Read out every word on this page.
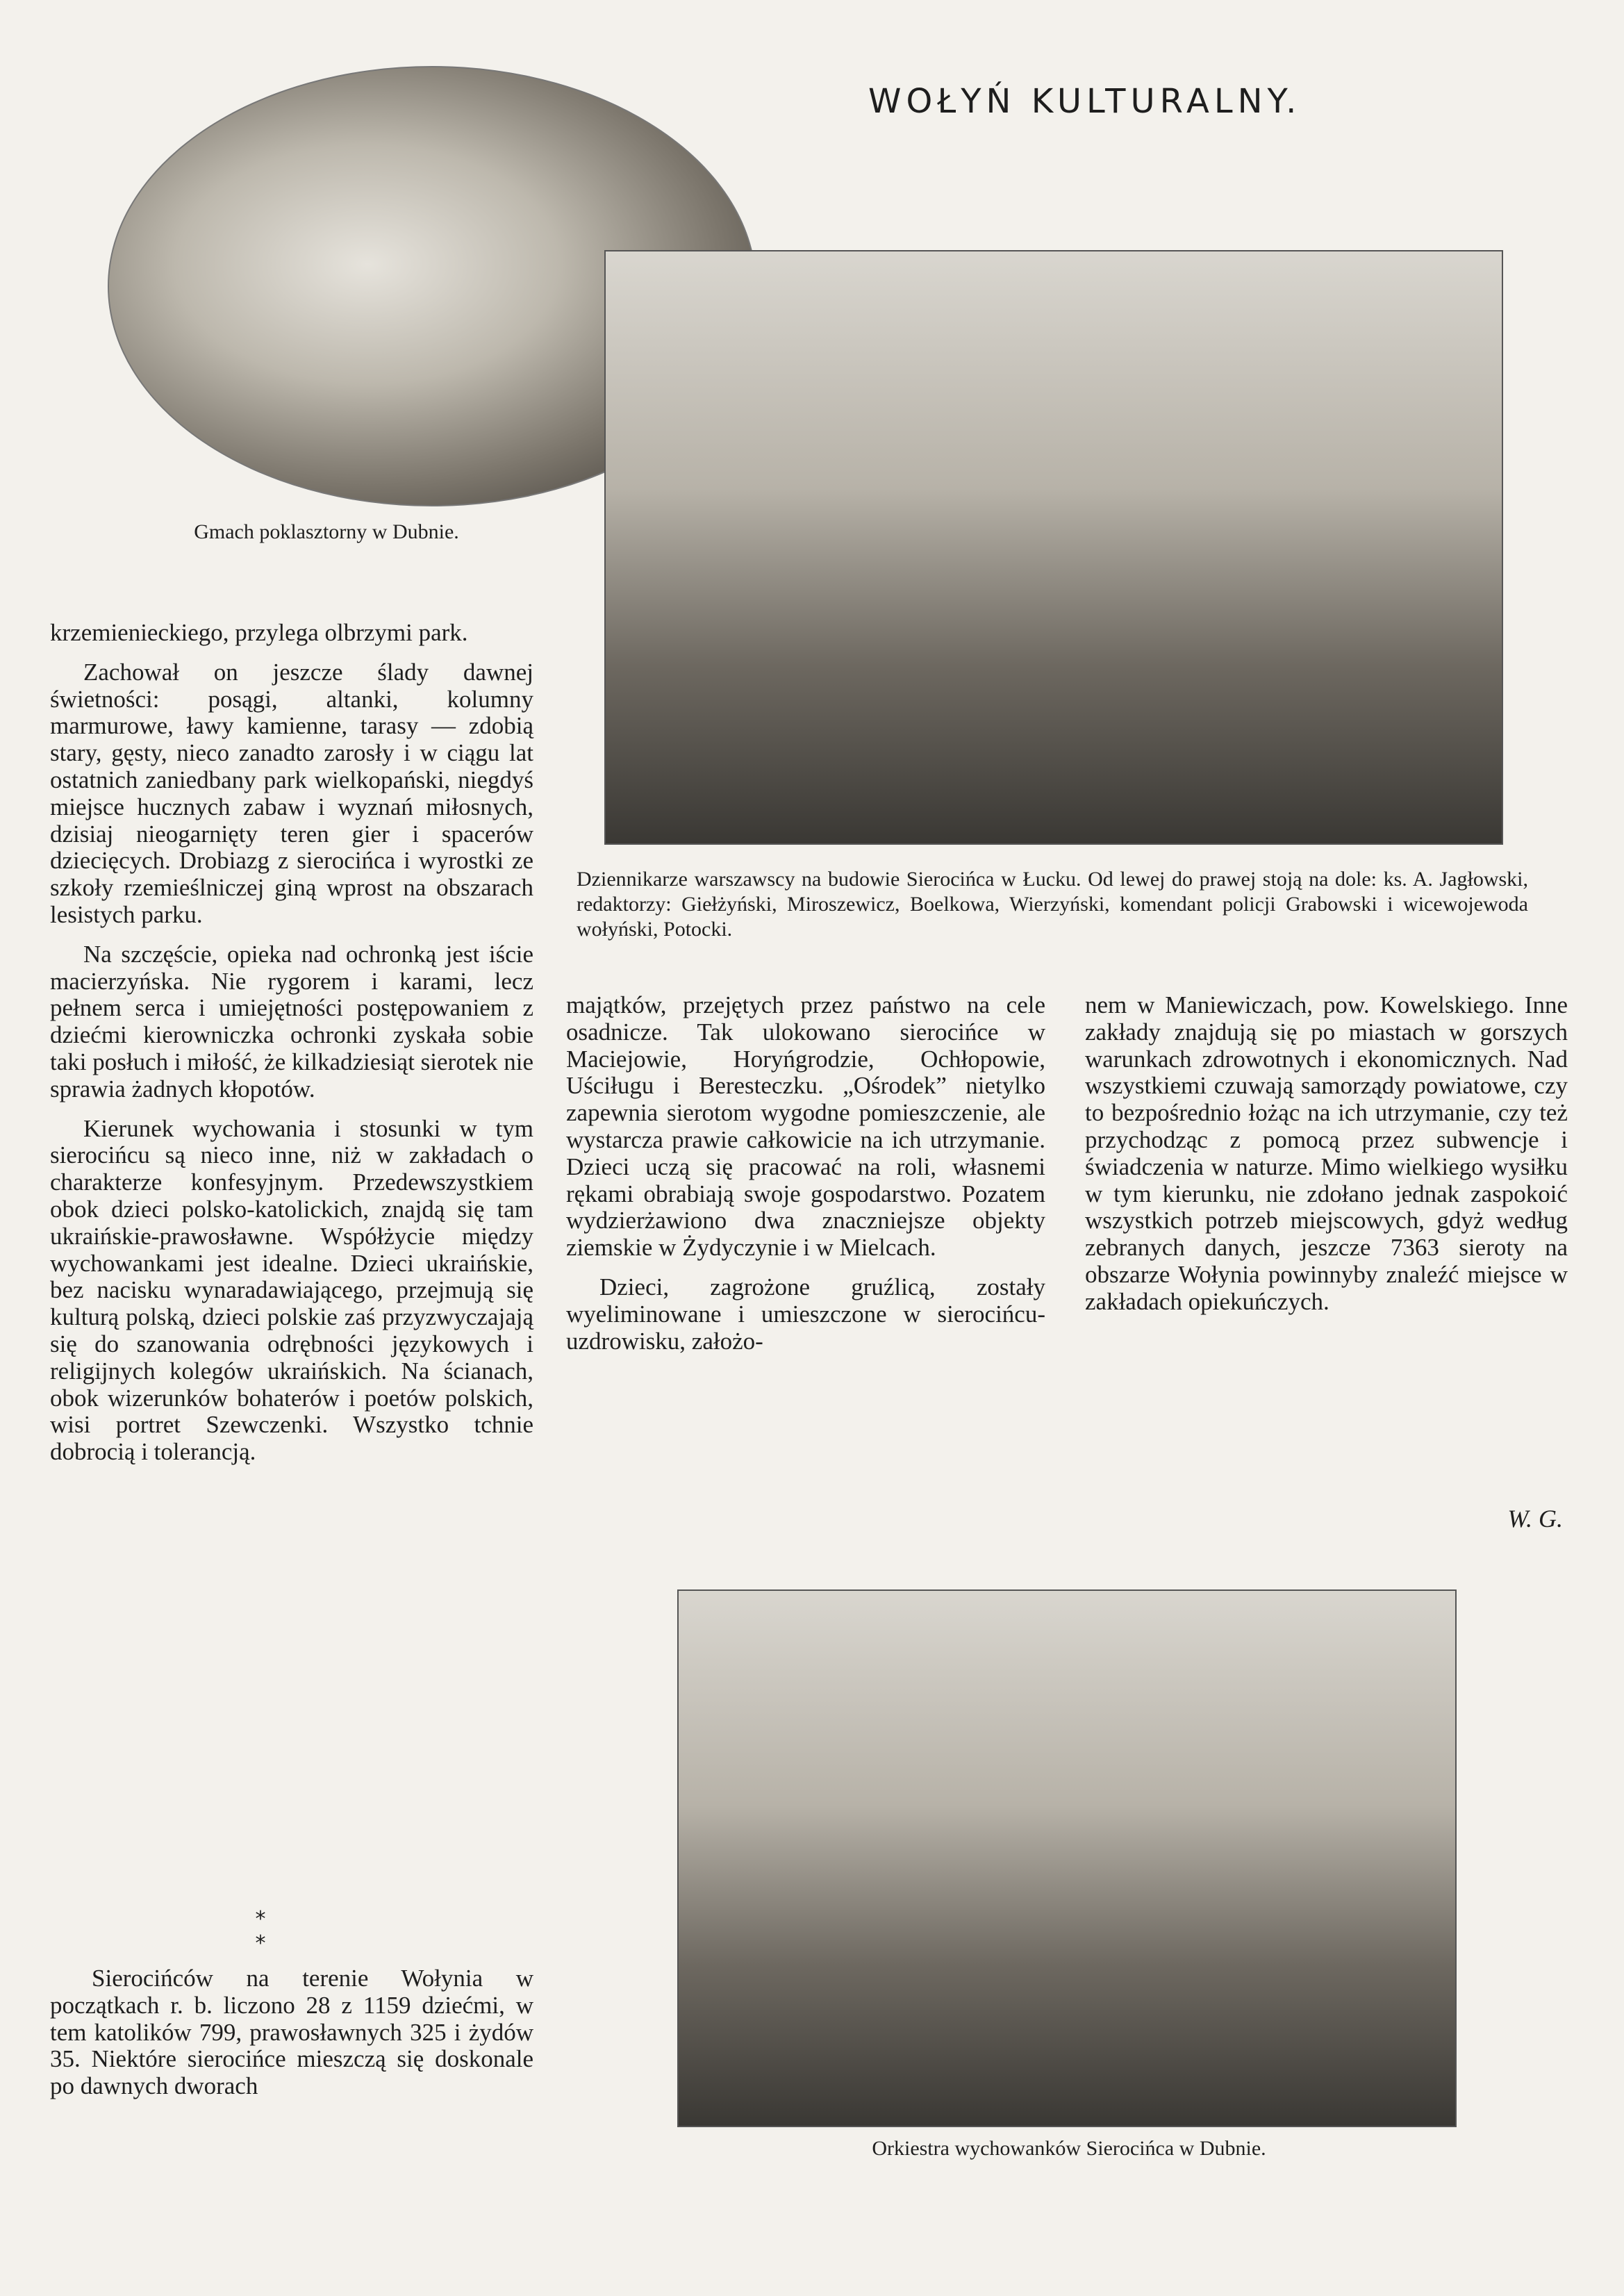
WOŁYŃ KULTURALNY.
Gmach poklasztorny w Dubnie.
Dziennikarze warszawscy na budowie Sierocińca w Łucku. Od lewej do prawej stoją na dole: ks. A. Jagłowski, redaktorzy: Giełżyński, Miroszewicz, Boelkowa, Wierzyński, komendant policji Grabowski i wicewojewoda wołyński, Potocki.
Orkiestra wychowanków Sierocińca w Dubnie.

krzemienieckiego, przylega olbrzymi park.

Zachował on jeszcze ślady dawnej świetności: posągi, altanki, kolumny marmurowe, ławy kamienne, tarasy — zdobią stary, gęsty, nieco zanadto zarosły i w ciągu lat ostatnich zaniedbany park wielkopański, niegdyś miejsce hucznych zabaw i wyznań miłosnych, dzisiaj nieogarnięty teren gier i spacerów dziecięcych. Drobiazg z sierocińca i wyrostki ze szkoły rzemieślniczej giną wprost na obszarach lesistych parku.

Na szczęście, opieka nad ochronką jest iście macierzyńska. Nie rygorem i karami, lecz pełnem serca i umiejętności postępowaniem z dziećmi kierowniczka ochronki zyskała sobie taki posłuch i miłość, że kilkadziesiąt sierotek nie sprawia żadnych kłopotów.

Kierunek wychowania i stosunki w tym sierocińcu są nieco inne, niż w zakładach o charakterze konfesyjnym. Przedewszystkiem obok dzieci polsko-katolickich, znajdą się tam ukraińskie-prawosławne. Współżycie między wychowankami jest idealne. Dzieci ukraińskie, bez nacisku wynaradawiającego, przejmują się kulturą polską, dzieci polskie zaś przyzwyczajają się do szanowania odrębności językowych i religijnych kolegów ukraińskich. Na ścianach, obok wizerunków bohaterów i poetów polskich, wisi portret Szewczenki. Wszystko tchnie dobrocią i tolerancją.

* *

Sierocińców na terenie Wołynia w początkach r. b. liczono 28 z 1159 dziećmi, w tem katolików 799, prawosławnych 325 i żydów 35. Niektóre sierocińce mieszczą się doskonale po dawnych dworach

majątków, przejętych przez państwo na cele osadnicze. Tak ulokowano sierocińce w Maciejowie, Horyńgrodzie, Ochłopowie, Uściługu i Beresteczku. „Ośrodek” nietylko zapewnia sierotom wygodne pomieszczenie, ale wystarcza prawie całkowicie na ich utrzymanie. Dzieci uczą się pracować na roli, własnemi rękami obrabiają swoje gospodarstwo. Pozatem wydzierżawiono dwa znaczniejsze objekty ziemskie w Żydyczynie i w Mielcach.

Dzieci, zagrożone gruźlicą, zostały wyeliminowane i umieszczone w sierocińcu-uzdrowisku, założo-

nem w Maniewiczach, pow. Kowelskiego. Inne zakłady znajdują się po miastach w gorszych warunkach zdrowotnych i ekonomicznych. Nad wszystkiemi czuwają samorządy powiatowe, czy to bezpośrednio łożąc na ich utrzymanie, czy też przychodząc z pomocą przez subwencje i świadczenia w naturze. Mimo wielkiego wysiłku w tym kierunku, nie zdołano jednak zaspokoić wszystkich potrzeb miejscowych, gdyż według zebranych danych, jeszcze 7363 sieroty na obszarze Wołynia powinnyby znaleźć miejsce w zakładach opiekuńczych.

W. G.
